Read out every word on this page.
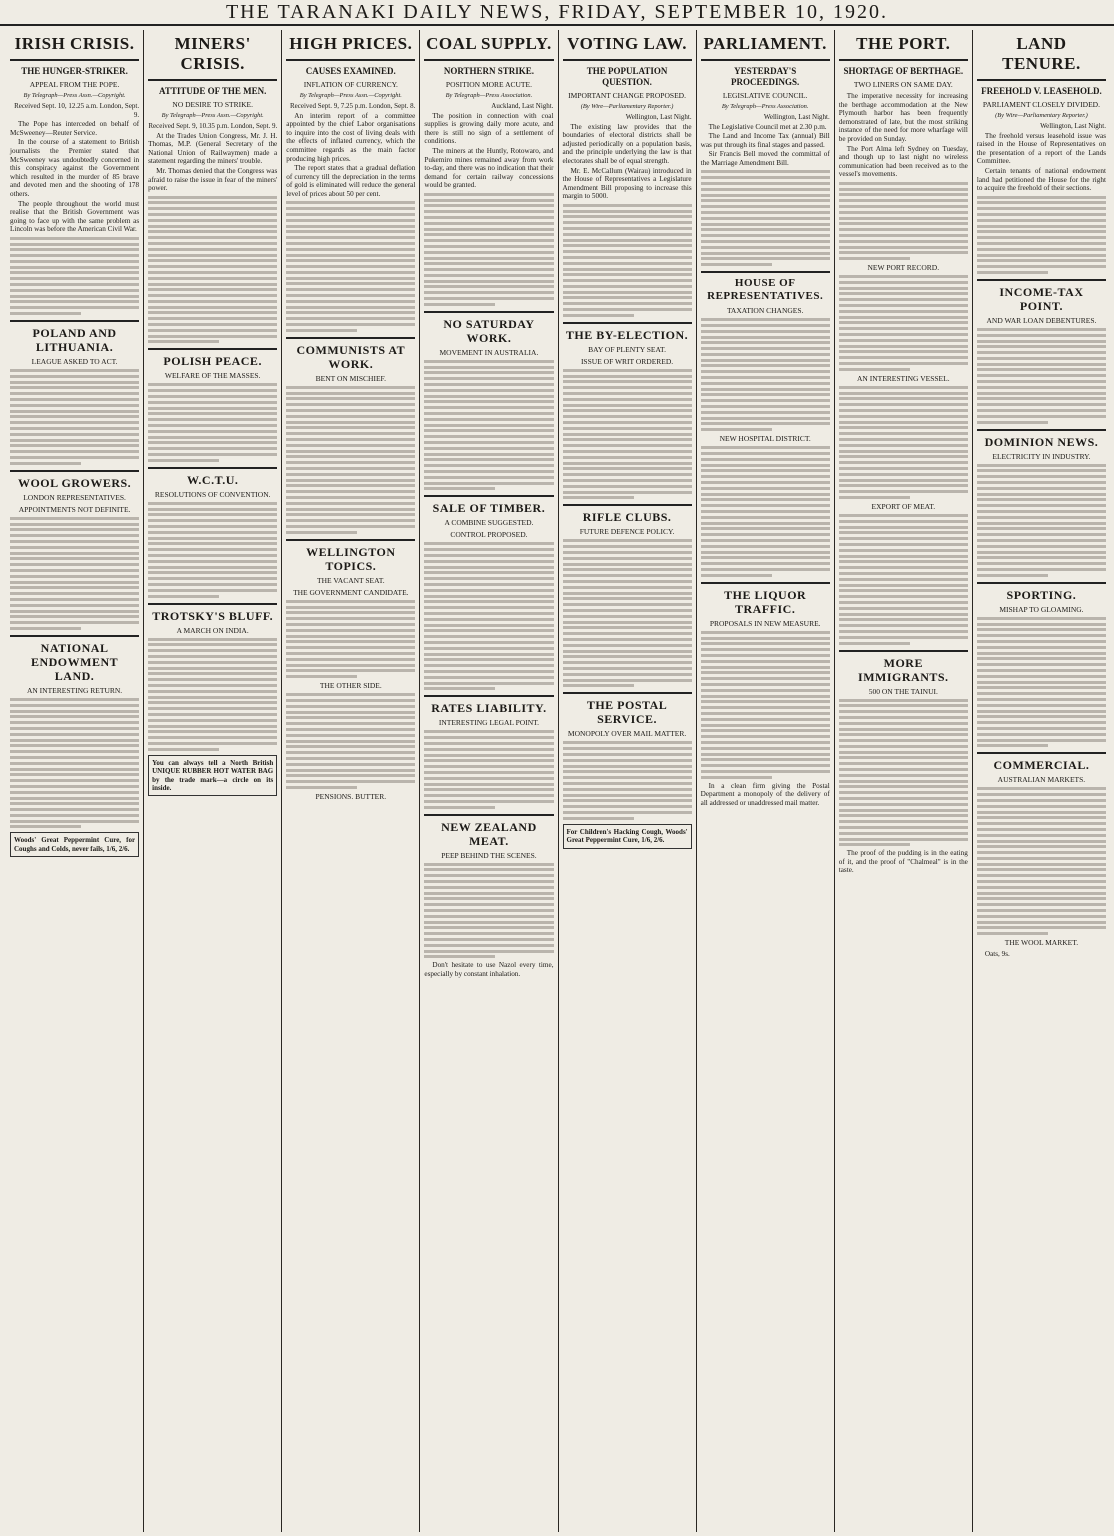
THE TARANAKI DAILY NEWS, FRIDAY, SEPTEMBER 10, 1920.
IRISH CRISIS.
THE HUNGER-STRIKER.
APPEAL FROM THE POPE.
By Telegraph—Press Assn.—Copyright.
Received Sept. 10, 12.25 a.m. London, Sept. 9.

The Pope has interceded on behalf of McSweeney—Reuter Service.

In the course of a statement to British journalists the Premier stated that McSweeney was undoubtedly concerned in this conspiracy against the Government which resulted in the murder of 85 brave and devoted men and the shooting of 178 others.

The people throughout the world must realise that the British Government was going to face up with the same problem as Lincoln was before the American Civil War.

POLAND AND LITHUANIA.
LEAGUE ASKED TO ACT.
WOOL GROWERS.
LONDON REPRESENTATIVES.
APPOINTMENTS NOT DEFINITE.
NATIONAL ENDOWMENT LAND.
AN INTERESTING RETURN.
Woods' Great Peppermint Cure, for Coughs and Colds, never fails, 1/6, 2/6.
MINERS' CRISIS.
ATTITUDE OF THE MEN.
NO DESIRE TO STRIKE.
By Telegraph—Press Assn.—Copyright.
Received Sept. 9, 10.35 p.m. London, Sept. 9.

At the Trades Union Congress, Mr. J. H. Thomas, M.P. (General Secretary of the National Union of Railwaymen) made a statement regarding the miners' trouble.

Mr. Thomas denied that the Congress was afraid to raise the issue in fear of the miners' power.

POLISH PEACE.
WELFARE OF THE MASSES.
W.C.T.U.
RESOLUTIONS OF CONVENTION.
TROTSKY'S BLUFF.
A MARCH ON INDIA.
You can always tell a North British UNIQUE RUBBER HOT WATER BAG by the trade mark—a circle on its inside.
HIGH PRICES.
CAUSES EXAMINED.
INFLATION OF CURRENCY.
By Telegraph—Press Assn.—Copyright.
Received Sept. 9, 7.25 p.m. London, Sept. 8.

An interim report of a committee appointed by the chief Labor organisations to inquire into the cost of living deals with the effects of inflated currency, which the committee regards as the main factor producing high prices.

The report states that a gradual deflation of currency till the depreciation in the terms of gold is eliminated will reduce the general level of prices about 50 per cent.

COMMUNISTS AT WORK.
BENT ON MISCHIEF.
WELLINGTON TOPICS.
THE VACANT SEAT.
THE GOVERNMENT CANDIDATE.
THE OTHER SIDE.
PENSIONS. BUTTER.
COAL SUPPLY.
NORTHERN STRIKE.
POSITION MORE ACUTE.
By Telegraph—Press Association.
Auckland, Last Night.

The position in connection with coal supplies is growing daily more acute, and there is still no sign of a settlement of conditions.

The miners at the Huntly, Rotowaro, and Pukemiro mines remained away from work to-day, and there was no indication that their demand for certain railway concessions would be granted.

NO SATURDAY WORK.
MOVEMENT IN AUSTRALIA.
SALE OF TIMBER.
A COMBINE SUGGESTED.
CONTROL PROPOSED.
RATES LIABILITY.
INTERESTING LEGAL POINT.
NEW ZEALAND MEAT.
PEEP BEHIND THE SCENES.

Don't hesitate to use Nazol every time, especially by constant inhalation.

VOTING LAW.
THE POPULATION QUESTION.
IMPORTANT CHANGE PROPOSED.
(By Wire—Parliamentary Reporter.)
Wellington, Last Night.

The existing law provides that the boundaries of electoral districts shall be adjusted periodically on a population basis, and the principle underlying the law is that electorates shall be of equal strength.

Mr. E. McCallum (Wairau) introduced in the House of Representatives a Legislature Amendment Bill proposing to increase this margin to 5000.

THE BY-ELECTION.
BAY OF PLENTY SEAT.
ISSUE OF WRIT ORDERED.
RIFLE CLUBS.
FUTURE DEFENCE POLICY.
THE POSTAL SERVICE.
MONOPOLY OVER MAIL MATTER.
For Children's Hacking Cough, Woods' Great Peppermint Cure, 1/6, 2/6.
PARLIAMENT.
YESTERDAY'S PROCEEDINGS.
LEGISLATIVE COUNCIL.
By Telegraph—Press Association.
Wellington, Last Night.

The Legislative Council met at 2.30 p.m.

The Land and Income Tax (annual) Bill was put through its final stages and passed.

Sir Francis Bell moved the committal of the Marriage Amendment Bill.

HOUSE OF REPRESENTATIVES.
TAXATION CHANGES.
NEW HOSPITAL DISTRICT.
THE LIQUOR TRAFFIC.
PROPOSALS IN NEW MEASURE.

In a clean firm giving the Postal Department a monopoly of the delivery of all addressed or unaddressed mail matter.

THE PORT.
SHORTAGE OF BERTHAGE.
TWO LINERS ON SAME DAY.

The imperative necessity for increasing the berthage accommodation at the New Plymouth harbor has been frequently demonstrated of late, but the most striking instance of the need for more wharfage will be provided on Sunday.

The Port Alma left Sydney on Tuesday, and though up to last night no wireless communication had been received as to the vessel's movements.

NEW PORT RECORD.
AN INTERESTING VESSEL.
EXPORT OF MEAT.
MORE IMMIGRANTS.
500 ON THE TAINUI.

The proof of the pudding is in the eating of it, and the proof of "Chalmeal" is in the taste.

LAND TENURE.
FREEHOLD V. LEASEHOLD.
PARLIAMENT CLOSELY DIVIDED.
(By Wire—Parliamentary Reporter.)
Wellington, Last Night.

The freehold versus leasehold issue was raised in the House of Representatives on the presentation of a report of the Lands Committee.

Certain tenants of national endowment land had petitioned the House for the right to acquire the freehold of their sections.

INCOME-TAX POINT.
AND WAR LOAN DEBENTURES.
DOMINION NEWS.
ELECTRICITY IN INDUSTRY.
SPORTING.
MISHAP TO GLOAMING.
COMMERCIAL.
AUSTRALIAN MARKETS.
THE WOOL MARKET.

Oats, 9s.
